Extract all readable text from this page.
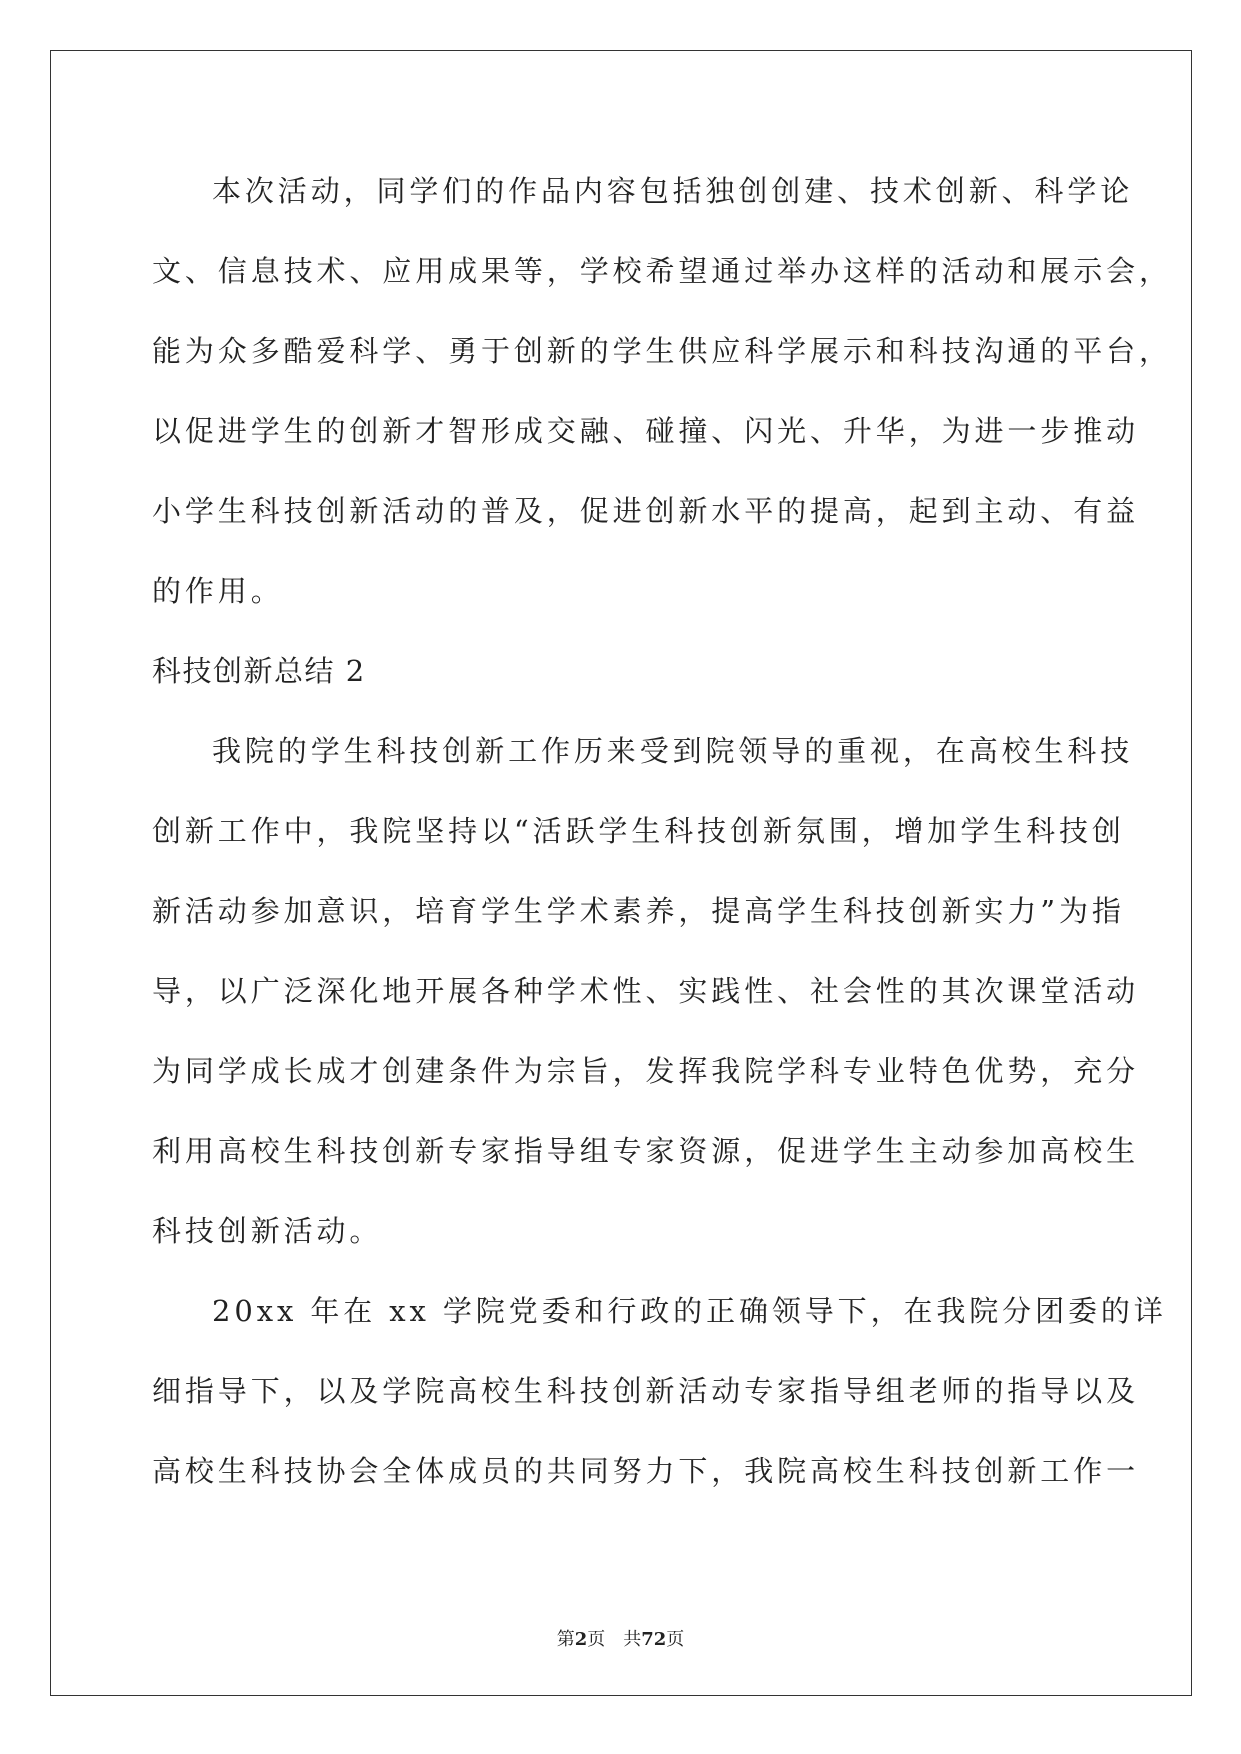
本次活动，同学们的作品内容包括独创创建、技术创新、科学论
文、信息技术、应用成果等，学校希望通过举办这样的活动和展示会，
能为众多酷爱科学、勇于创新的学生供应科学展示和科技沟通的平台，
以促进学生的创新才智形成交融、碰撞、闪光、升华，为进一步推动
小学生科技创新活动的普及，促进创新水平的提高，起到主动、有益
的作用。
科技创新总结 2
我院的学生科技创新工作历来受到院领导的重视，在高校生科技
创新工作中，我院坚持以“活跃学生科技创新氛围，增加学生科技创
新活动参加意识，培育学生学术素养，提高学生科技创新实力”为指
导，以广泛深化地开展各种学术性、实践性、社会性的其次课堂活动
为同学成长成才创建条件为宗旨，发挥我院学科专业特色优势，充分
利用高校生科技创新专家指导组专家资源，促进学生主动参加高校生
科技创新活动。
20xx 年在 xx 学院党委和行政的正确领导下，在我院分团委的详
细指导下，以及学院高校生科技创新活动专家指导组老师的指导以及
高校生科技协会全体成员的共同努力下，我院高校生科技创新工作一
第2页 共72页
